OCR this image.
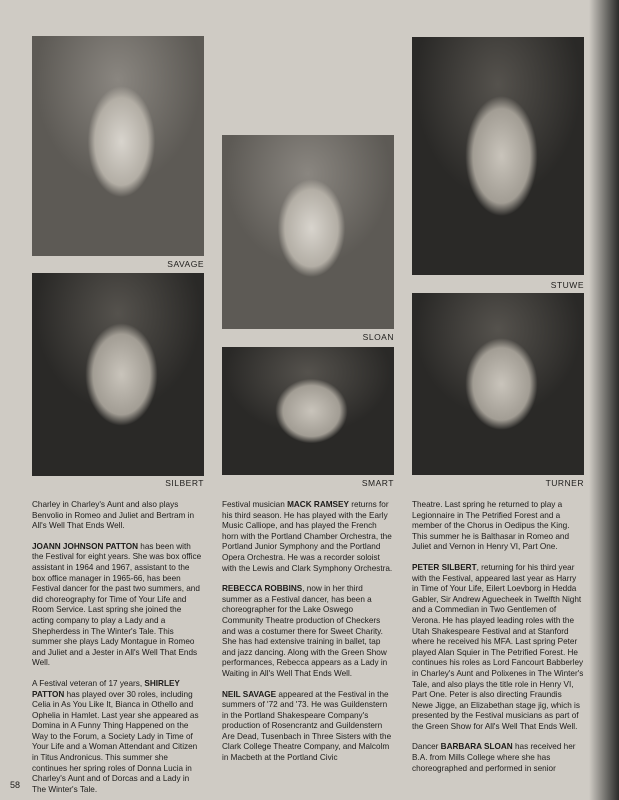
SAVAGE
SLOAN
STUWE
SILBERT	SMART	TURNER

Charley in Charley's Aunt and also plays Benvolio in Romeo and Juliet and Bertram in All's Well That Ends Well.

JOANN JOHNSON PATTON has been with the Festival for eight years. She was box office assistant in 1964 and 1967, assistant to the box office manager in 1965-66, has been Festival dancer for the past two summers, and did choreography for Time of Your Life and Room Service. Last spring she joined the acting company to play a Lady and a Shepherdess in The Winter's Tale. This summer she plays Lady Montague in Romeo and Juliet and a Jester in All's Well That Ends Well.

A Festival veteran of 17 years, SHIRLEY PATTON has played over 30 roles, including Celia in As You Like It, Bianca in Othello and Ophelia in Hamlet. Last year she appeared as Domina in A Funny Thing Happened on the Way to the Forum, a Society Lady in Time of Your Life and a Woman Attendant and Citizen in Titus Andronicus. This summer she continues her spring roles of Donna Lucia in Charley's Aunt and of Dorcas and a Lady in The Winter's Tale.

Festival musician MACK RAMSEY returns for his third season. He has played with the Early Music Calliope, and has played the French horn with the Portland Chamber Orchestra, the Portland Junior Symphony and the Portland Opera Orchestra. He was a recorder soloist with the Lewis and Clark Symphony Orchestra.

REBECCA ROBBINS, now in her third summer as a Festival dancer, has been a choreographer for the Lake Oswego Community Theatre production of Checkers and was a costumer there for Sweet Charity. She has had extensive training in ballet, tap and jazz dancing. Along with the Green Show performances, Rebecca appears as a Lady in Waiting in All's Well That Ends Well.

NEIL SAVAGE appeared at the Festival in the summers of '72 and '73. He was Guildenstern in the Portland Shakespeare Company's production of Rosencrantz and Guildenstern Are Dead, Tusenbach in Three Sisters with the Clark College Theatre Company, and Malcolm in Macbeth at the Portland Civic

Theatre. Last spring he returned to play a Legionnaire in The Petrified Forest and a member of the Chorus in Oedipus the King. This summer he is Balthasar in Romeo and Juliet and Vernon in Henry VI, Part One.

PETER SILBERT, returning for his third year with the Festival, appeared last year as Harry in Time of Your Life, Eilert Loevborg in Hedda Gabler, Sir Andrew Aguecheek in Twelfth Night and a Commedian in Two Gentlemen of Verona. He has played leading roles with the Utah Shakespeare Festival and at Stanford where he received his MFA. Last spring Peter played Alan Squier in The Petrified Forest. He continues his roles as Lord Fancourt Babberley in Charley's Aunt and Polixenes in The Winter's Tale, and also plays the title role in Henry VI, Part One. Peter is also directing Fraundis Newe Jigge, an Elizabethan stage jig, which is presented by the Festival musicians as part of the Green Show for All's Well That Ends Well.

Dancer BARBARA SLOAN has received her B.A. from Mills College where she has choreographed and performed in senior

58
